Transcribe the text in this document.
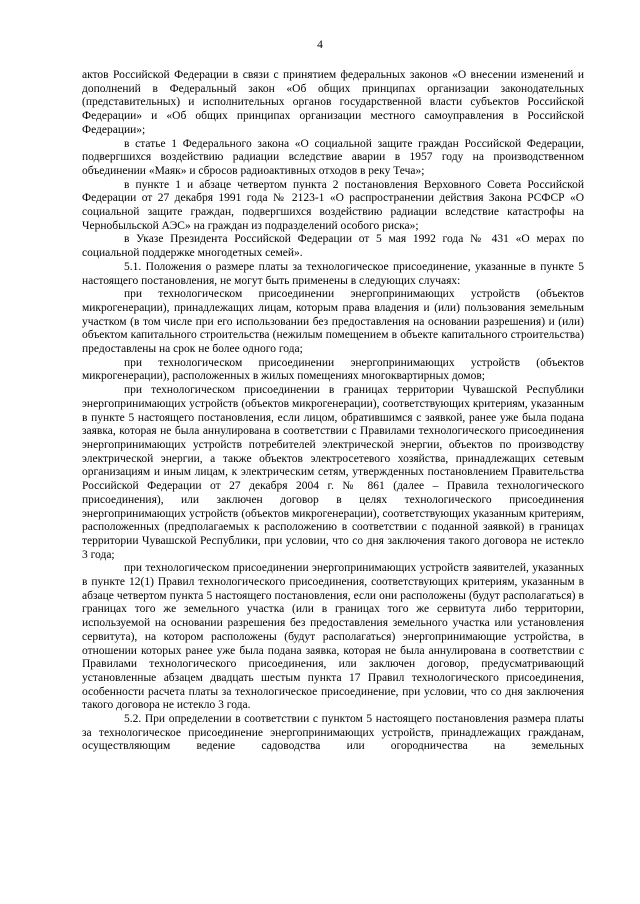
4

актов Российской Федерации в связи с принятием федеральных законов «О внесении изменений и дополнений в Федеральный закон «Об общих принципах организации законодательных (представительных) и исполнительных органов государственной власти субъектов Российской Федерации» и «Об общих принципах организации местного самоуправления в Российской Федерации»;

в статье 1 Федерального закона «О социальной защите граждан Российской Федерации, подвергшихся воздействию радиации вследствие аварии в 1957 году на производственном объединении «Маяк» и сбросов радиоактивных отходов в реку Теча»;

в пункте 1 и абзаце четвертом пункта 2 постановления Верховного Совета Российской Федерации от 27 декабря 1991 года № 2123-1 «О распространении действия Закона РСФСР «О социальной защите граждан, подвергшихся воздействию радиации вследствие катастрофы на Чернобыльской АЭС» на граждан из подразделений особого риска»;

в Указе Президента Российской Федерации от 5 мая 1992 года № 431 «О мерах по социальной поддержке многодетных семей».

5.1. Положения о размере платы за технологическое присоединение, указанные в пункте 5 настоящего постановления, не могут быть применены в следующих случаях:

при технологическом присоединении энергопринимающих устройств (объектов микрогенерации), принадлежащих лицам, которым права владения и (или) пользования земельным участком (в том числе при его использовании без предоставления на основании разрешения) и (или) объектом капитального строительства (нежилым помещением в объекте капитального строительства) предоставлены на срок не более одного года;

при технологическом присоединении энергопринимающих устройств (объектов микрогенерации), расположенных в жилых помещениях многоквартирных домов;

при технологическом присоединении в границах территории Чувашской Республики энергопринимающих устройств (объектов микрогенерации), соответствующих критериям, указанным в пункте 5 настоящего постановления, если лицом, обратившимся с заявкой, ранее уже была подана заявка, которая не была аннулирована в соответствии с Правилами технологического присоединения энергопринимающих устройств потребителей электрической энергии, объектов по производству электрической энергии, а также объектов электросетевого хозяйства, принадлежащих сетевым организациям и иным лицам, к электрическим сетям, утвержденных постановлением Правительства Российской Федерации от 27 декабря 2004 г. № 861 (далее – Правила технологического присоединения), или заключен договор в целях технологического присоединения энергопринимающих устройств (объектов микрогенерации), соответствующих указанным критериям, расположенных (предполагаемых к расположению в соответствии с поданной заявкой) в границах территории Чувашской Республики, при условии, что со дня заключения такого договора не истекло 3 года;

при технологическом присоединении энергопринимающих устройств заявителей, указанных в пункте 12(1) Правил технологического присоединения, соответствующих критериям, указанным в абзаце четвертом пункта 5 настоящего постановления, если они расположены (будут располагаться) в границах того же земельного участка (или в границах того же сервитута либо территории, используемой на основании разрешения без предоставления земельного участка или установления сервитута), на котором расположены (будут располагаться) энергопринимающие устройства, в отношении которых ранее уже была подана заявка, которая не была аннулирована в соответствии с Правилами технологического присоединения, или заключен договор, предусматривающий установленные абзацем двадцать шестым пункта 17 Правил технологического присоединения, особенности расчета платы за технологическое присоединение, при условии, что со дня заключения такого договора не истекло 3 года.

5.2. При определении в соответствии с пунктом 5 настоящего постановления размера платы за технологическое присоединение энергопринимающих устройств, принадлежащих гражданам, осуществляющим ведение садоводства или огородничества на земельных
